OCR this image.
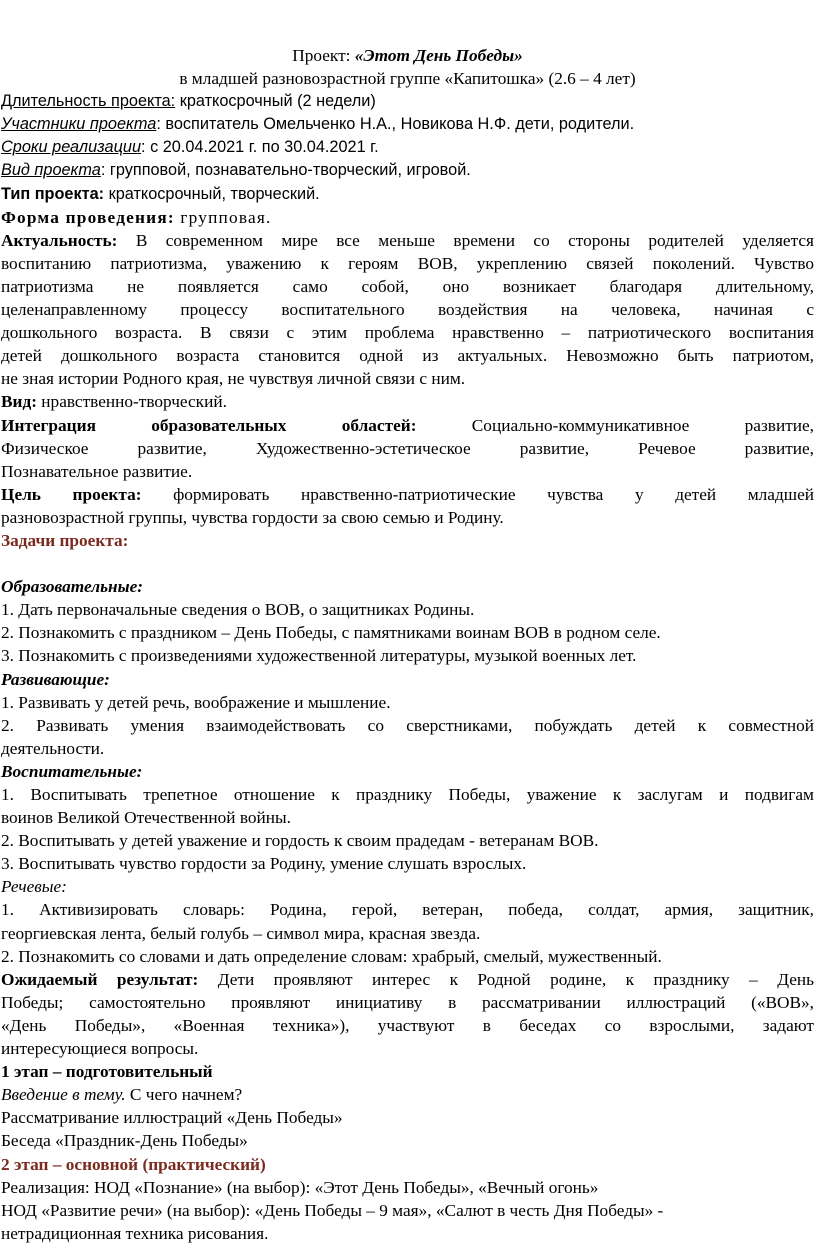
Проект: «Этот День Победы»
в младшей разновозрастной группе «Капитошка» (2.6 – 4 лет)
Длительность проекта: краткосрочный (2 недели)
Участники проекта: воспитатель Омельченко Н.А., Новикова Н.Ф. дети, родители.
Сроки реализации: с 20.04.2021 г. по 30.04.2021 г.
Вид проекта: групповой, познавательно-творческий, игровой.
Тип проекта: краткосрочный, творческий.
Форма проведения: групповая.
Актуальность: В современном мире все меньше времени со стороны родителей уделяется
воспитанию патриотизма, уважению к героям ВОВ, укреплению связей поколений. Чувство
патриотизма не появляется само собой, оно возникает благодаря длительному,
целенаправленному процессу воспитательного воздействия на человека, начиная с
дошкольного возраста. В связи с этим проблема нравственно – патриотического воспитания
детей дошкольного возраста становится одной из актуальных. Невозможно быть патриотом,
не зная истории Родного края, не чувствуя личной связи с ним.
Вид: нравственно-творческий.
Интеграция образовательных областей: Социально-коммуникативное развитие,
Физическое развитие, Художественно-эстетическое развитие, Речевое развитие,
Познавательное развитие.
Цель проекта: формировать нравственно-патриотические чувства у детей младшей
разновозрастной группы, чувства гордости за свою семью и Родину.
Задачи проекта:
Образовательные:
1. Дать первоначальные сведения о ВОВ, о защитниках Родины.
2. Познакомить с праздником – День Победы, с памятниками воинам ВОВ в родном селе.
3. Познакомить с произведениями художественной литературы, музыкой военных лет.
Развивающие:
1. Развивать у детей речь, воображение и мышление.
2. Развивать умения взаимодействовать со сверстниками, побуждать детей к совместной
деятельности.
Воспитательные:
1. Воспитывать трепетное отношение к празднику Победы, уважение к заслугам и подвигам
воинов Великой Отечественной войны.
2. Воспитывать у детей уважение и гордость к своим прадедам - ветеранам ВОВ.
3. Воспитывать чувство гордости за Родину, умение слушать взрослых.
Речевые:
1. Активизировать словарь: Родина, герой, ветеран, победа, солдат, армия, защитник,
георгиевская лента, белый голубь – символ мира, красная звезда.
2. Познакомить со словами и дать определение словам: храбрый, смелый, мужественный.
Ожидаемый результат: Дети проявляют интерес к Родной родине, к празднику – День
Победы; самостоятельно проявляют инициативу в рассматривании иллюстраций («ВОВ»,
«День Победы», «Военная техника»), участвуют в беседах со взрослыми, задают
интересующиеся вопросы.
1 этап – подготовительный
Введение в тему. С чего начнем?
Рассматривание иллюстраций «День Победы»
Беседа «Праздник-День Победы»
2 этап – основной (практический)
Реализация: НОД «Познание» (на выбор): «Этот День Победы», «Вечный огонь»
НОД «Развитие речи» (на выбор): «День Победы – 9 мая», «Салют в честь Дня Победы» -
нетрадиционная техника рисования.
